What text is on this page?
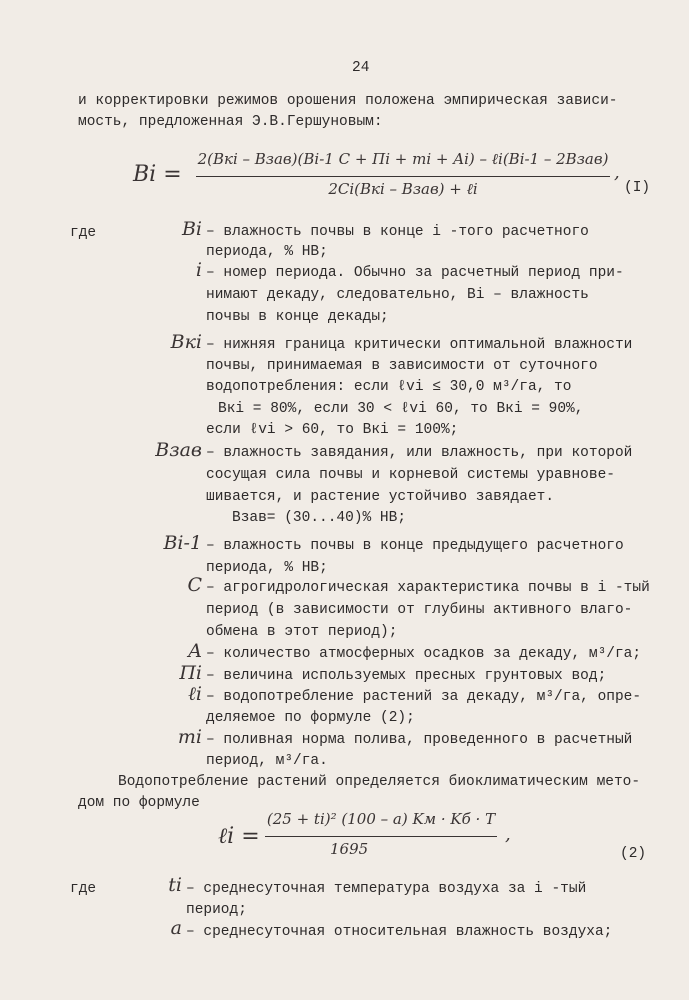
24
и корректировки режимов орошения положена эмпирическая зависи-
мость, предложенная Э.В.Гершуновым:
Bi =
2(Bкi – Bзав)(Bi-1 C + Пi + mi + Ai) – ℓi(Bi-1 – 2Bзав)
2Ci(Bкi – Bзав) + ℓi
,
(I)
где	Bi – влажность почвы в конце i -того расчетного
периода, % НВ;
i – номер периода. Обычно за расчетный период при-
нимают декаду, следовательно, Bi – влажность
почвы в конце декады;
Bкi – нижняя граница критически оптимальной влажности
почвы, принимаемая в зависимости от суточного
водопотребления: если ℓvi ≤ 30,0 м³/га, то
Bкi = 80%, если 30 < ℓvi 60, то Bкi = 90%,
если ℓvi > 60, то Bкi = 100%;
Bзав – влажность завядания, или влажность, при которой
сосущая сила почвы и корневой системы уравнове-
шивается, и растение устойчиво завядает.
Bзав= (30...40)% НВ;
Bi-1 – влажность почвы в конце предыдущего расчетного
периода, % НВ;
C – агрогидрологическая характеристика почвы в i -тый
период (в зависимости от глубины активного влаго-
обмена в этот период);
A – количество атмосферных осадков за декаду, м³/га;
Пi – величина используемых пресных грунтовых вод;
ℓi – водопотребление растений за декаду, м³/га, опре-
деляемое по формуле (2);
mi – поливная норма полива, проведенного в расчетный
период, м³/га.
Водопотребление растений определяется биоклиматическим мето-
дом по формуле
ℓi =
(25 + ti)² (100 – a) Kм · Kб · T
1695
,
(2)
где	ti – среднесуточная температура воздуха за i -тый
период;
a – среднесуточная относительная влажность воздуха;
